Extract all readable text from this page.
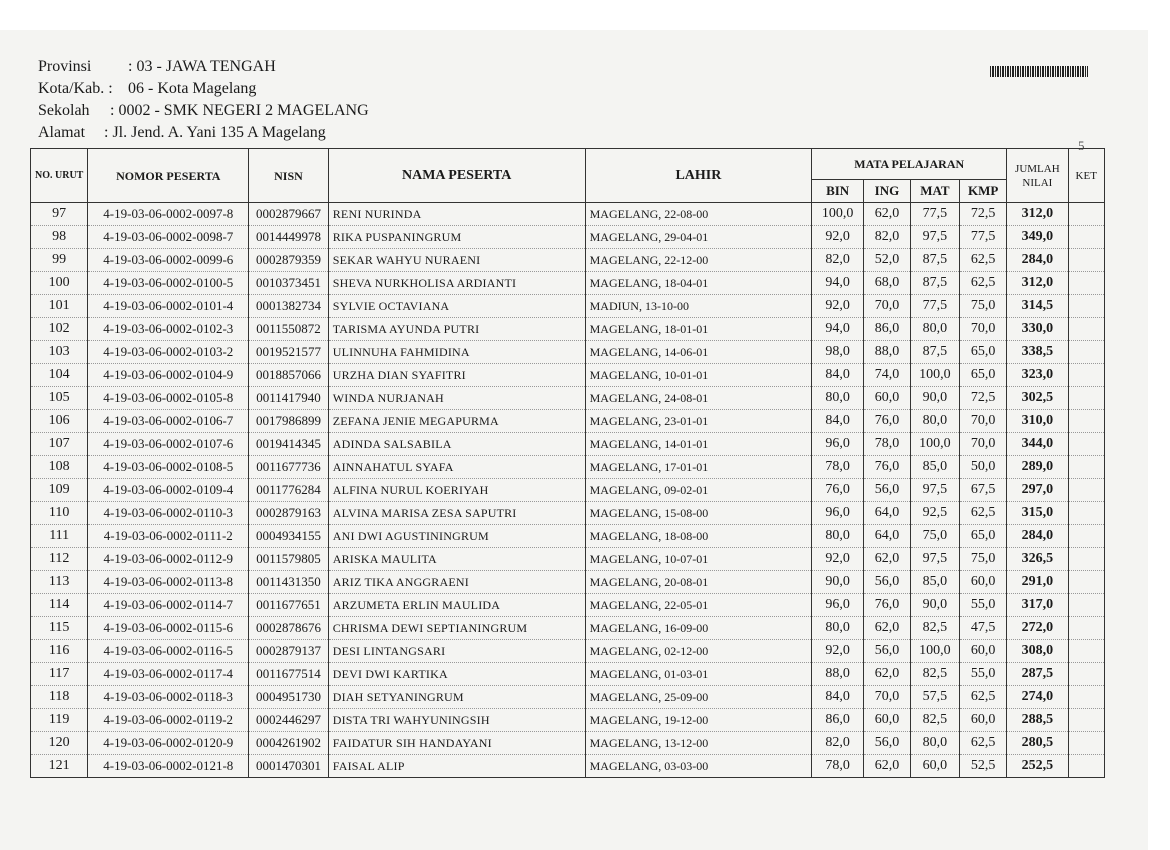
Provinsi	: 03 - JAWA TENGAH
Kota/Kab. : 06 - Kota Magelang
Sekolah	: 0002 - SMK NEGERI 2 MAGELANG
Alamat	: Jl. Jend. A. Yani 135 A Magelang
5
NO. URUT	NOMOR PESERTA	NISN	NAMA PESERTA	LAHIR	MATA PELAJARAN				JUMLAH NILAI	KET
					BIN	ING	MAT	KMP		
97	4-19-03-06-0002-0097-8	0002879667	RENI NURINDA	MAGELANG, 22-08-00	100,0	62,0	77,5	72,5	312,0	
98	4-19-03-06-0002-0098-7	0014449978	RIKA PUSPANINGRUM	MAGELANG, 29-04-01	92,0	82,0	97,5	77,5	349,0	
99	4-19-03-06-0002-0099-6	0002879359	SEKAR WAHYU NURAENI	MAGELANG, 22-12-00	82,0	52,0	87,5	62,5	284,0	
100	4-19-03-06-0002-0100-5	0010373451	SHEVA NURKHOLISA ARDIANTI	MAGELANG, 18-04-01	94,0	68,0	87,5	62,5	312,0	
101	4-19-03-06-0002-0101-4	0001382734	SYLVIE OCTAVIANA	MADIUN, 13-10-00	92,0	70,0	77,5	75,0	314,5	
102	4-19-03-06-0002-0102-3	0011550872	TARISMA AYUNDA PUTRI	MAGELANG, 18-01-01	94,0	86,0	80,0	70,0	330,0	
103	4-19-03-06-0002-0103-2	0019521577	ULINNUHA FAHMIDINA	MAGELANG, 14-06-01	98,0	88,0	87,5	65,0	338,5	
104	4-19-03-06-0002-0104-9	0018857066	URZHA DIAN SYAFITRI	MAGELANG, 10-01-01	84,0	74,0	100,0	65,0	323,0	
105	4-19-03-06-0002-0105-8	0011417940	WINDA NURJANAH	MAGELANG, 24-08-01	80,0	60,0	90,0	72,5	302,5	
106	4-19-03-06-0002-0106-7	0017986899	ZEFANA JENIE MEGAPURMA	MAGELANG, 23-01-01	84,0	76,0	80,0	70,0	310,0	
107	4-19-03-06-0002-0107-6	0019414345	ADINDA SALSABILA	MAGELANG, 14-01-01	96,0	78,0	100,0	70,0	344,0	
108	4-19-03-06-0002-0108-5	0011677736	AINNAHATUL SYAFA	MAGELANG, 17-01-01	78,0	76,0	85,0	50,0	289,0	
109	4-19-03-06-0002-0109-4	0011776284	ALFINA NURUL KOERIYAH	MAGELANG, 09-02-01	76,0	56,0	97,5	67,5	297,0	
110	4-19-03-06-0002-0110-3	0002879163	ALVINA MARISA ZESA SAPUTRI	MAGELANG, 15-08-00	96,0	64,0	92,5	62,5	315,0	
111	4-19-03-06-0002-0111-2	0004934155	ANI DWI AGUSTININGRUM	MAGELANG, 18-08-00	80,0	64,0	75,0	65,0	284,0	
112	4-19-03-06-0002-0112-9	0011579805	ARISKA MAULITA	MAGELANG, 10-07-01	92,0	62,0	97,5	75,0	326,5	
113	4-19-03-06-0002-0113-8	0011431350	ARIZ TIKA ANGGRAENI	MAGELANG, 20-08-01	90,0	56,0	85,0	60,0	291,0	
114	4-19-03-06-0002-0114-7	0011677651	ARZUMETA ERLIN MAULIDA	MAGELANG, 22-05-01	96,0	76,0	90,0	55,0	317,0	
115	4-19-03-06-0002-0115-6	0002878676	CHRISMA DEWI SEPTIANINGRUM	MAGELANG, 16-09-00	80,0	62,0	82,5	47,5	272,0	
116	4-19-03-06-0002-0116-5	0002879137	DESI LINTANGSARI	MAGELANG, 02-12-00	92,0	56,0	100,0	60,0	308,0	
117	4-19-03-06-0002-0117-4	0011677514	DEVI DWI KARTIKA	MAGELANG, 01-03-01	88,0	62,0	82,5	55,0	287,5	
118	4-19-03-06-0002-0118-3	0004951730	DIAH SETYANINGRUM	MAGELANG, 25-09-00	84,0	70,0	57,5	62,5	274,0	
119	4-19-03-06-0002-0119-2	0002446297	DISTA TRI WAHYUNINGSIH	MAGELANG, 19-12-00	86,0	60,0	82,5	60,0	288,5	
120	4-19-03-06-0002-0120-9	0004261902	FAIDATUR SIH HANDAYANI	MAGELANG, 13-12-00	82,0	56,0	80,0	62,5	280,5	
121	4-19-03-06-0002-0121-8	0001470301	FAISAL ALIP	MAGELANG, 03-03-00	78,0	62,0	60,0	52,5	252,5	
